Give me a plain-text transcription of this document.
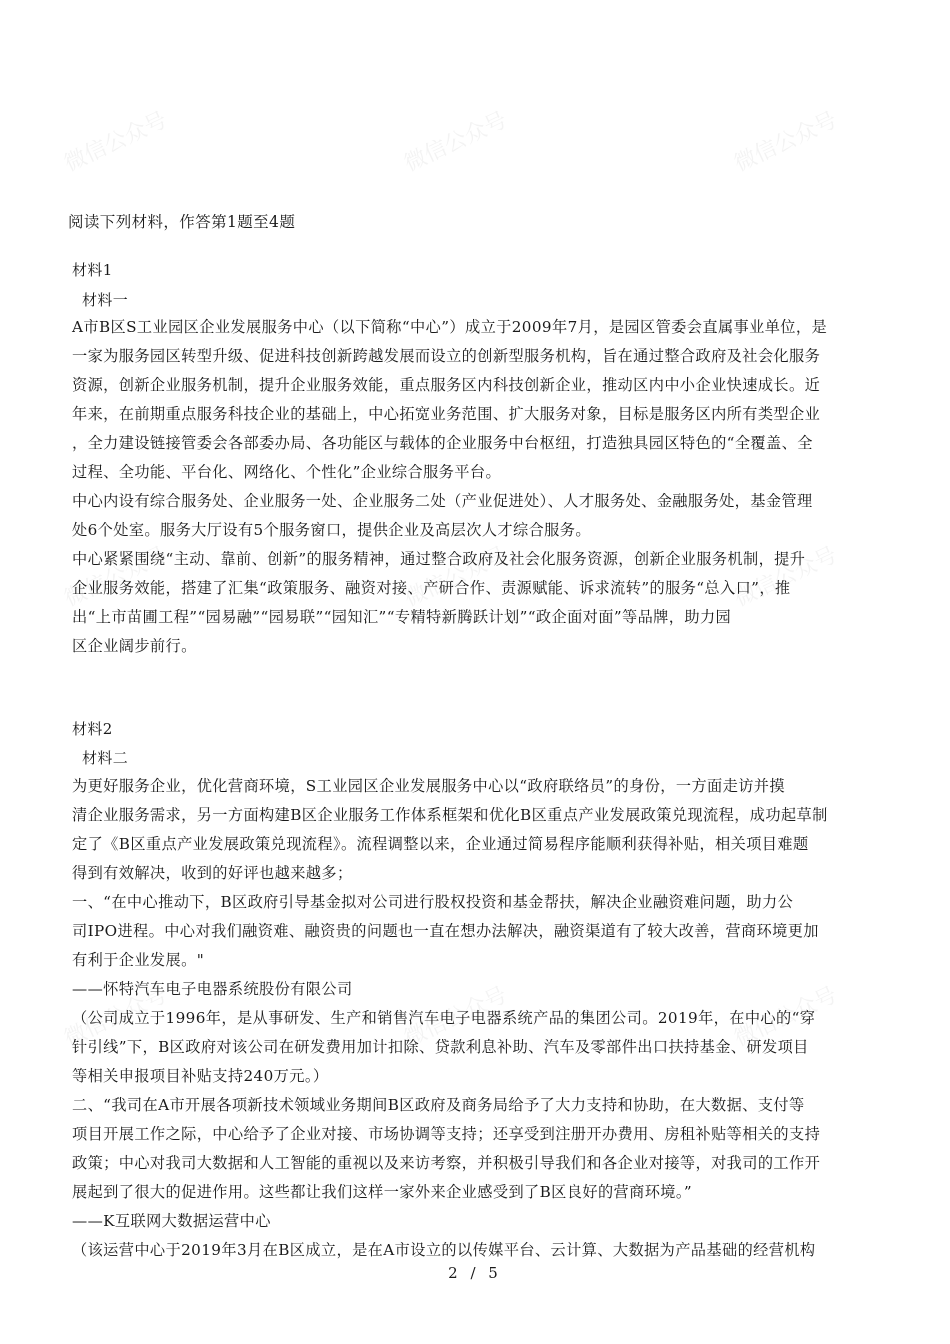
微信公众号	微信公众号	微信公众号
微信公众号	微信公众号	微信公众号
微信公众号	微信公众号	微信公众号
阅读下列材料，作答第1题至4题
材料1
材料一
A市B区S工业园区企业发展服务中心（以下简称“中心”）成立于2009年7月，是园区管委会直属事业单位，是
一家为服务园区转型升级、促进科技创新跨越发展而设立的创新型服务机构，旨在通过整合政府及社会化服务
资源，创新企业服务机制，提升企业服务效能，重点服务区内科技创新企业，推动区内中小企业快速成长。近
年来，在前期重点服务科技企业的基础上，中心拓宽业务范围、扩大服务对象，目标是服务区内所有类型企业
，全力建设链接管委会各部委办局、各功能区与载体的企业服务中台枢纽，打造独具园区特色的“全覆盖、全
过程、全功能、平台化、网络化、个性化”企业综合服务平台。
中心内设有综合服务处、企业服务一处、企业服务二处（产业促进处）、人才服务处、金融服务处，基金管理
处6个处室。服务大厅设有5个服务窗口，提供企业及高层次人才综合服务。
中心紧紧围绕“主动、靠前、创新”的服务精神，通过整合政府及社会化服务资源，创新企业服务机制，提升
企业服务效能，搭建了汇集“政策服务、融资对接、产研合作、责源赋能、诉求流转”的服务“总入口”，推
出“上市苗圃工程”“园易融”“园易联”“园知汇”“专精特新腾跃计划”“政企面对面”等品牌，助力园
区企业阔步前行。
材料2
材料二
为更好服务企业，优化营商环境，S工业园区企业发展服务中心以“政府联络员”的身份，一方面走访并摸
清企业服务需求，另一方面构建B区企业服务工作体系框架和优化B区重点产业发展政策兑现流程，成功起草制
定了《B区重点产业发展政策兑现流程》。流程调整以来，企业通过简易程序能顺利获得补贴，相关项目难题
得到有效解决，收到的好评也越来越多；
一、“在中心推动下，B区政府引导基金拟对公司进行股权投资和基金帮扶，解决企业融资难问题，助力公
司IPO进程。中心对我们融资难、融资贵的问题也一直在想办法解决，融资渠道有了较大改善，营商环境更加
有利于企业发展。"
——怀特汽车电子电器系统股份有限公司
（公司成立于1996年，是从事研发、生产和销售汽车电子电器系统产品的集团公司。2019年，在中心的“穿
针引线”下，B区政府对该公司在研发费用加计扣除、贷款利息补助、汽车及零部件出口扶持基金、研发项目
等相关申报项目补贴支持240万元。）
二、“我司在A市开展各项新技术领域业务期间B区政府及商务局给予了大力支持和协助，在大数据、支付等
项目开展工作之际，中心给予了企业对接、市场协调等支持；还享受到注册开办费用、房租补贴等相关的支持
政策；中心对我司大数据和人工智能的重视以及来访考察，并积极引导我们和各企业对接等，对我司的工作开
展起到了很大的促进作用。这些都让我们这样一家外来企业感受到了B区良好的营商环境。”
——K互联网大数据运营中心
（该运营中心于2019年3月在B区成立，是在A市设立的以传媒平台、云计算、大数据为产品基础的经营机构
2 / 5
